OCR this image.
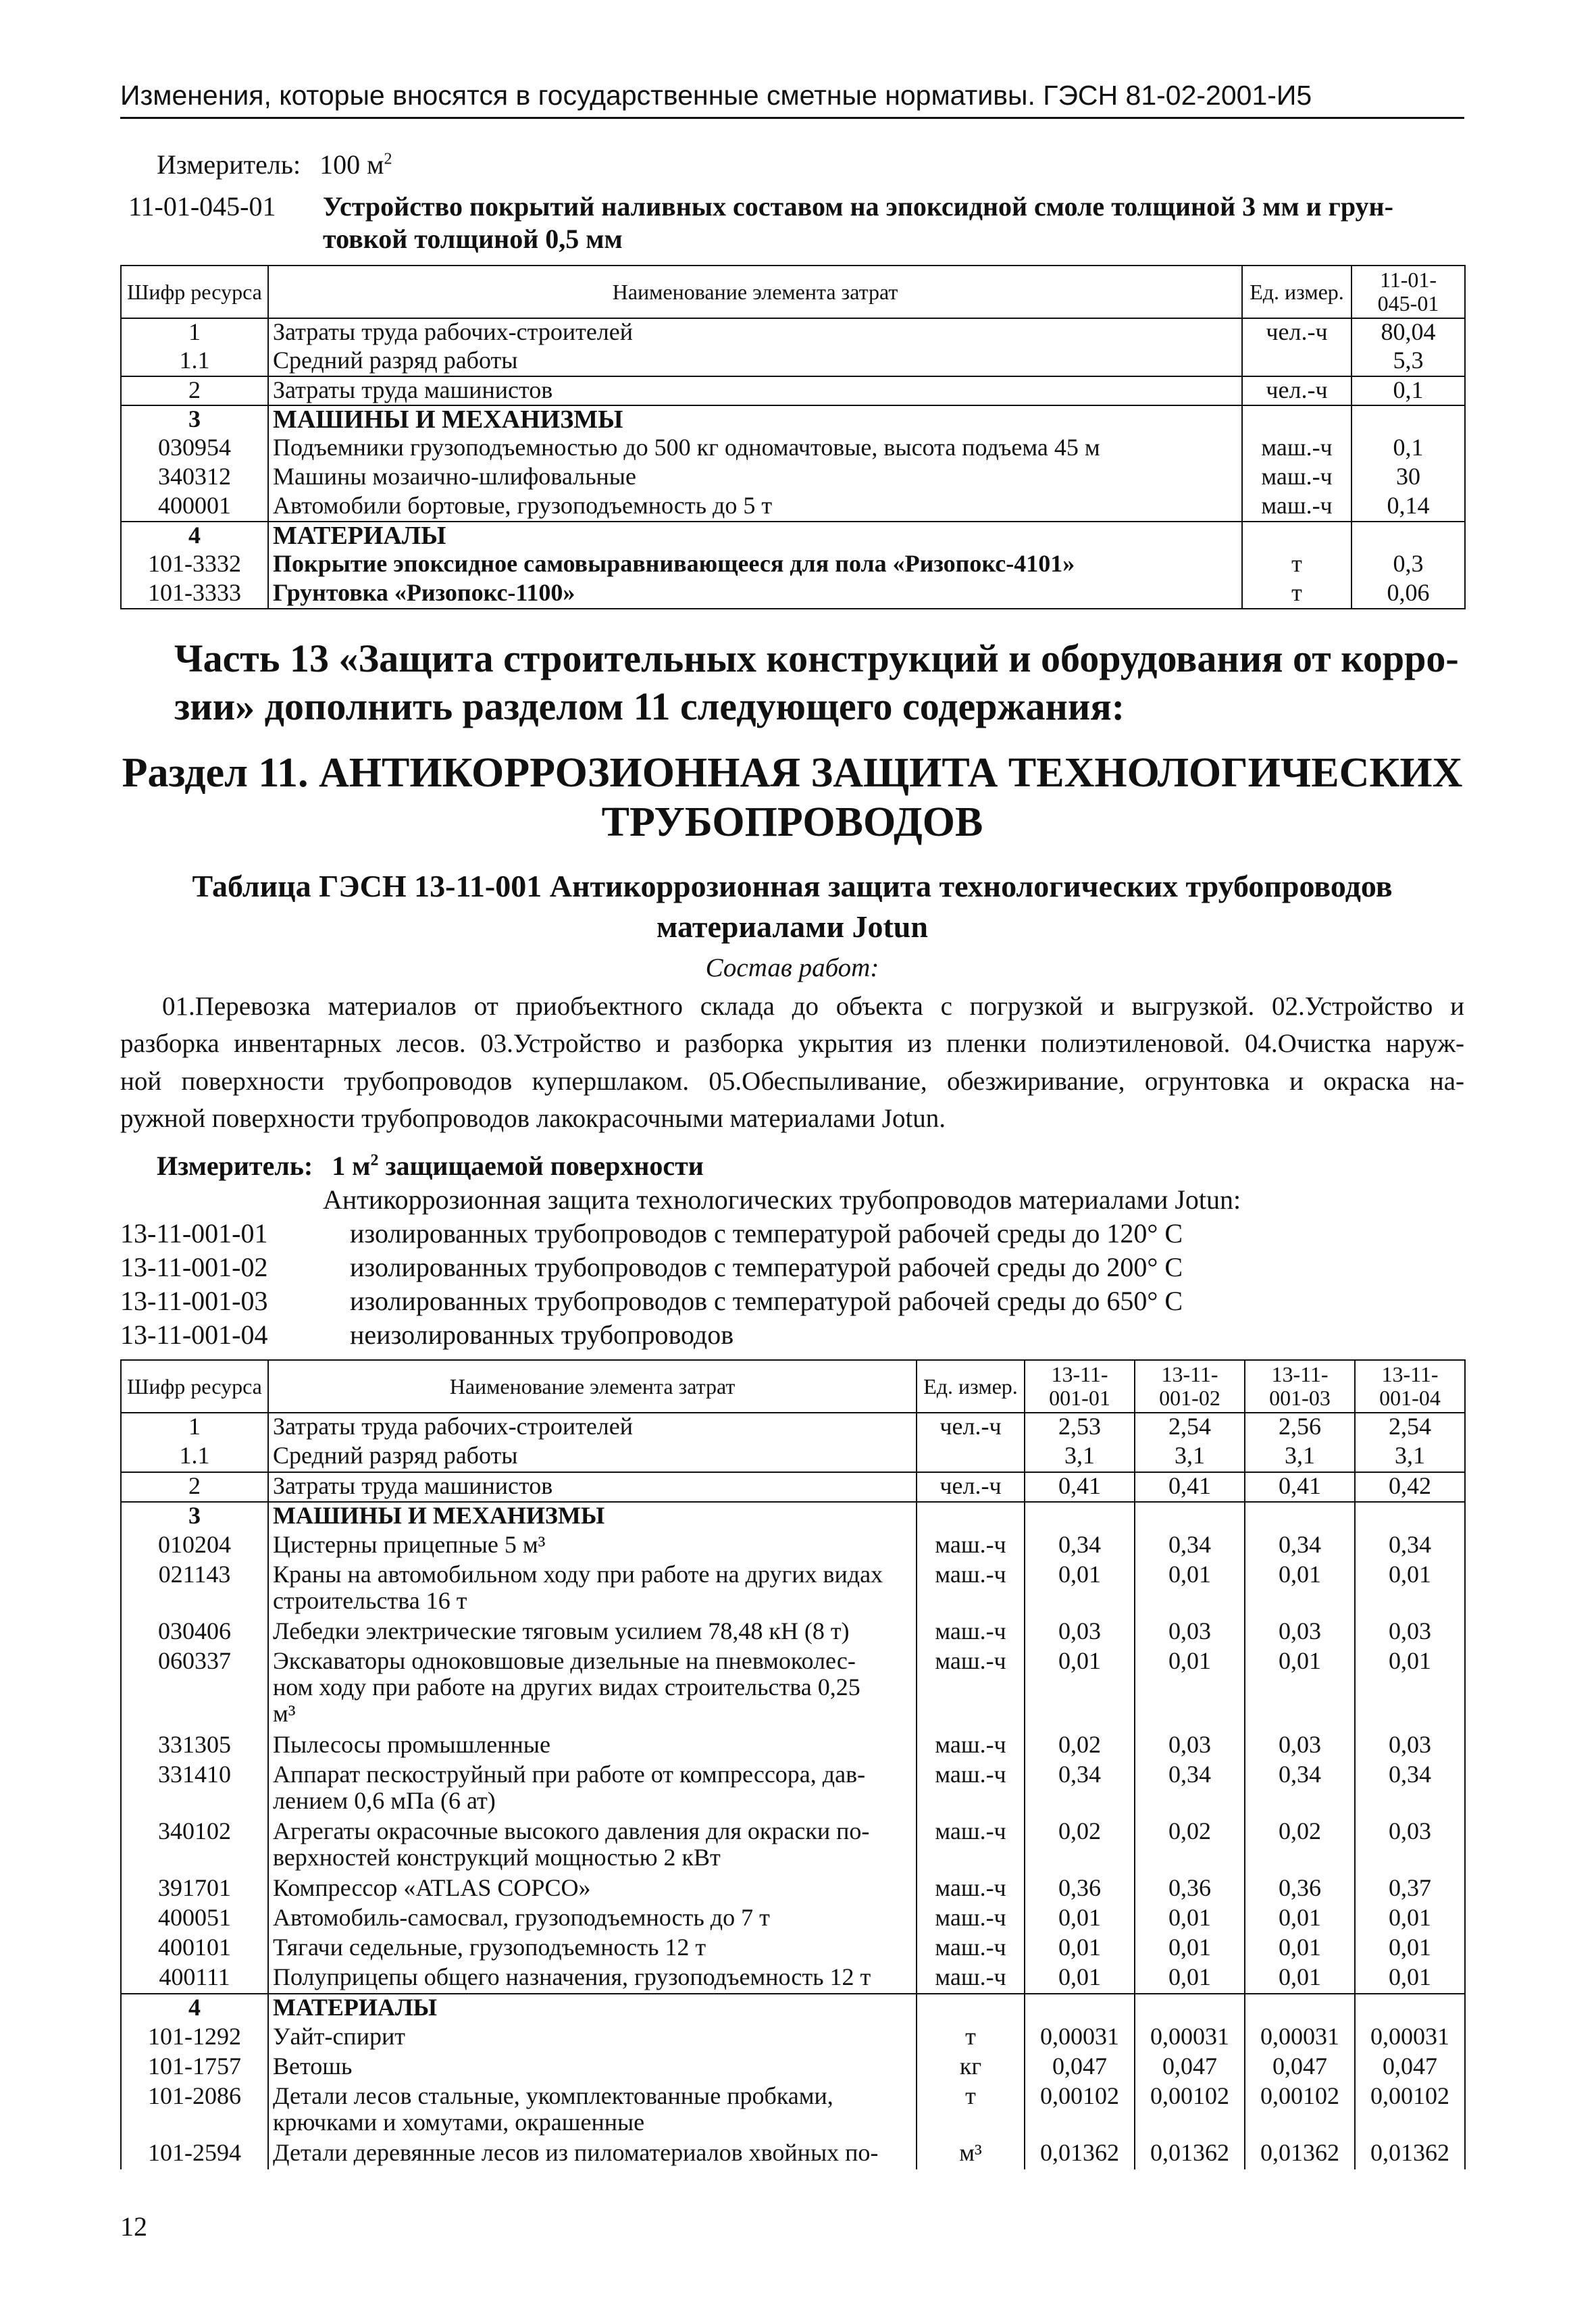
Изменения, которые вносятся в государственные сметные нормативы. ГЭСН 81-02-2001-И5
Измеритель: 100 $м^2$
11-01-045-01 Устройство покрытий наливных составом на эпоксидной смоле толщиной 3 мм и грун-
товкой толщиной 0,5 мм
Шифр ресурса	Наименование элемента затрат	Ед. измер.	11-01-
045-01
1	Затраты труда рабочих-строителей	чел.-ч	80,04
1.1	Средний разряд работы		5,3
2	Затраты труда машинистов	чел.-ч	0,1
3	МАШИНЫ И МЕХАНИЗМЫ		
030954	Подъемники грузоподъемностью до 500 кг одномачтовые, высота подъема 45 м	маш.-ч	0,1
340312	Машины мозаично-шлифовальные	маш.-ч	30
400001	Автомобили бортовые, грузоподъемность до 5 т	маш.-ч	0,14
4	МАТЕРИАЛЫ		
101-3332	Покрытие эпоксидное самовыравнивающееся для пола «Ризопокс-4101»	т	0,3
101-3333	Грунтовка «Ризопокс-1100»	т	0,06
Часть 13 «Защита строительных конструкций и оборудования от корро-
зии» дополнить разделом 11 следующего содержания:
Раздел 11. АНТИКОРРОЗИОННАЯ ЗАЩИТА ТЕХНОЛОГИЧЕСКИХ
ТРУБОПРОВОДОВ
Таблица ГЭСН 13-11-001 Антикоррозионная защита технологических трубопроводов
материалами Jotun
Состав работ:
01.Перевозка материалов от приобъектного склада до объекта с погрузкой и выгрузкой. 02.Устройство и
разборка инвентарных лесов. 03.Устройство и разборка укрытия из пленки полиэтиленовой. 04.Очистка наруж-
ной поверхности трубопроводов купершлаком. 05.Обеспыливание, обезжиривание, огрунтовка и окраска на-
ружной поверхности трубопроводов лакокрасочными материалами Jotun.
Измеритель: 1 $м^2$ защищаемой поверхности
Антикоррозионная защита технологических трубопроводов материалами Jotun:
13-11-001-01	изолированных трубопроводов с температурой рабочей среды до 120° С
13-11-001-02	изолированных трубопроводов с температурой рабочей среды до 200° С
13-11-001-03	изолированных трубопроводов с температурой рабочей среды до 650° С
13-11-001-04	неизолированных трубопроводов
Шифр ресурса	Наименование элемента затрат	Ед. измер.	13-11-
001-01	13-11-
001-02	13-11-
001-03	13-11-
001-04
1	Затраты труда рабочих-строителей	чел.-ч	2,53	2,54	2,56	2,54
1.1	Средний разряд работы		3,1	3,1	3,1	3,1
2	Затраты труда машинистов	чел.-ч	0,41	0,41	0,41	0,42
3	МАШИНЫ И МЕХАНИЗМЫ					

010204	Цистерны прицепные 5 м³	маш.-ч	0,34	0,34	0,34	0,34
021143	Краны на автомобильном ходу при работе на других видах
строительства 16 т	маш.-ч	0,01	0,01	0,01	0,01
030406	Лебедки электрические тяговым усилием 78,48 кН (8 т)	маш.-ч	0,03	0,03	0,03	0,03
060337	Экскаваторы одноковшовые дизельные на пневмоколес-
ном ходу при работе на других видах строительства 0,25
м³	маш.-ч	0,01	0,01	0,01	0,01
331305	Пылесосы промышленные	маш.-ч	0,02	0,03	0,03	0,03
331410	Аппарат пескоструйный при работе от компрессора, дав-
лением 0,6 мПа (6 ат)	маш.-ч	0,34	0,34	0,34	0,34
340102	Агрегаты окрасочные высокого давления для окраски по-
верхностей конструкций мощностью 2 кВт	маш.-ч	0,02	0,02	0,02	0,03
391701	Компрессор «ATLAS COPCO»	маш.-ч	0,36	0,36	0,36	0,37
400051	Автомобиль-самосвал, грузоподъемность до 7 т	маш.-ч	0,01	0,01	0,01	0,01
400101	Тягачи седельные, грузоподъемность 12 т	маш.-ч	0,01	0,01	0,01	0,01
400111	Полуприцепы общего назначения, грузоподъемность 12 т	маш.-ч	0,01	0,01	0,01	0,01
4	МАТЕРИАЛЫ					

101-1292	Уайт-спирит	т	0,00031	0,00031	0,00031	0,00031
101-1757	Ветошь	кг	0,047	0,047	0,047	0,047
101-2086	Детали лесов стальные, укомплектованные пробками,
крючками и хомутами, окрашенные	т	0,00102	0,00102	0,00102	0,00102
101-2594	Детали деревянные лесов из пиломатериалов хвойных по-	м³	0,01362	0,01362	0,01362	0,01362
12
